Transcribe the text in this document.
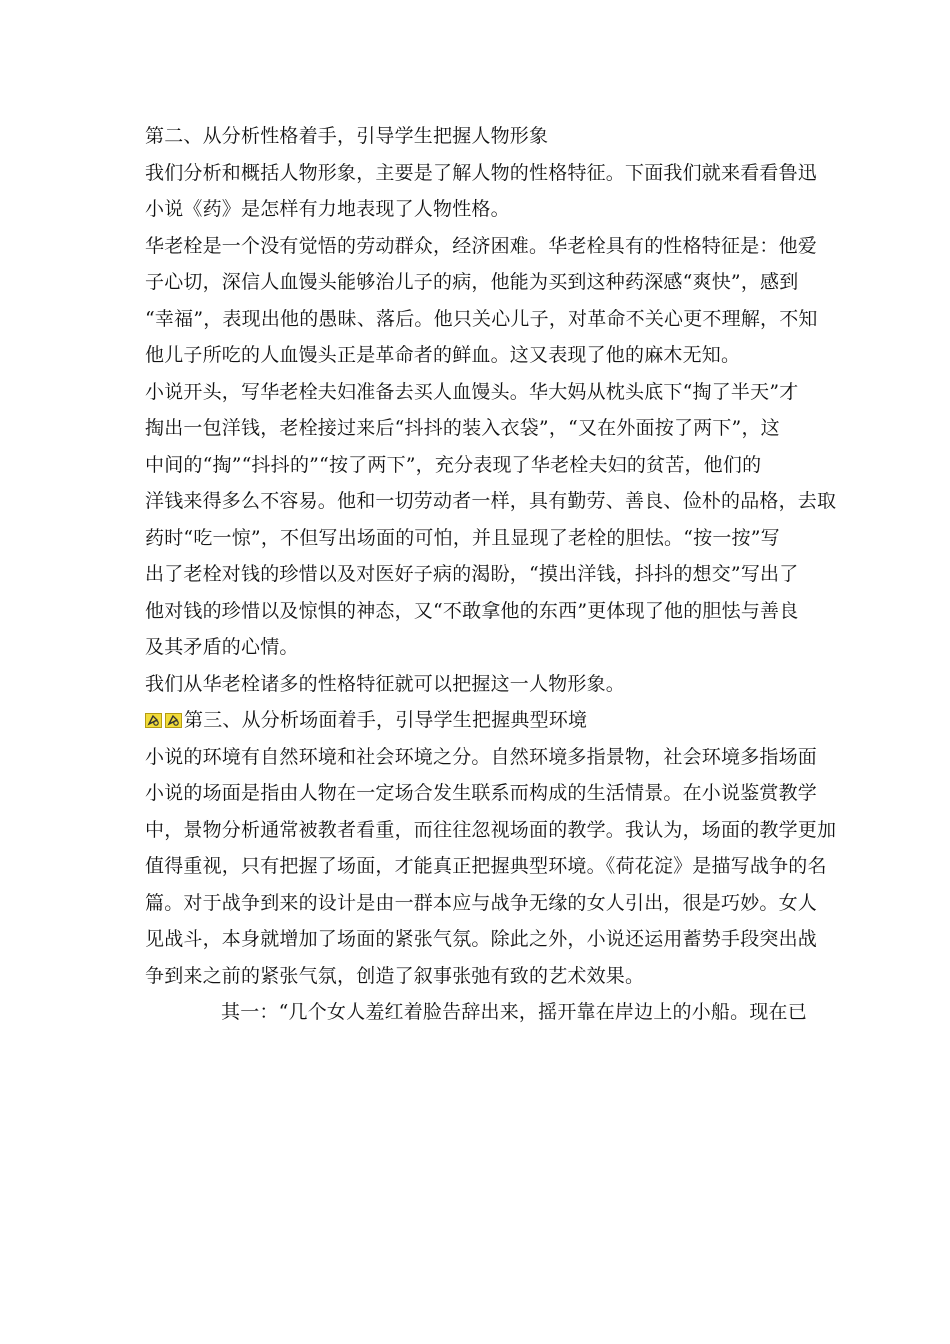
第二、从分析性格着手，引导学生把握人物形象
我们分析和概括人物形象，主要是了解人物的性格特征。下面我们就来看看鲁迅
小说《药》是怎样有力地表现了人物性格。
华老栓是一个没有觉悟的劳动群众，经济困难。华老栓具有的性格特征是：他爱
子心切，深信人血馒头能够治儿子的病，他能为买到这种药深感“爽快”，感到
“幸福”，表现出他的愚昧、落后。他只关心儿子，对革命不关心更不理解，不知
他儿子所吃的人血馒头正是革命者的鲜血。这又表现了他的麻木无知。
小说开头，写华老栓夫妇准备去买人血馒头。华大妈从枕头底下“掏了半天”才
掏出一包洋钱，老栓接过来后“抖抖的装入衣袋”，“又在外面按了两下”，这
中间的“掏”“抖抖的”“按了两下”，充分表现了华老栓夫妇的贫苦，他们的
洋钱来得多么不容易。他和一切劳动者一样，具有勤劳、善良、俭朴的品格，去取
药时“吃一惊”，不但写出场面的可怕，并且显现了老栓的胆怯。“按一按”写
出了老栓对钱的珍惜以及对医好子病的渴盼，“摸出洋钱，抖抖的想交”写出了
他对钱的珍惜以及惊惧的神态，又“不敢拿他的东西”更体现了他的胆怯与善良
及其矛盾的心情。
我们从华老栓诸多的性格特征就可以把握这一人物形象。
第三、从分析场面着手，引导学生把握典型环境
小说的环境有自然环境和社会环境之分。自然环境多指景物，社会环境多指场面
小说的场面是指由人物在一定场合发生联系而构成的生活情景。在小说鉴赏教学
中，景物分析通常被教者看重，而往往忽视场面的教学。我认为，场面的教学更加
值得重视，只有把握了场面，才能真正把握典型环境。《荷花淀》是描写战争的名
篇。对于战争到来的设计是由一群本应与战争无缘的女人引出，很是巧妙。女人
见战斗，本身就增加了场面的紧张气氛。除此之外，小说还运用蓄势手段突出战
争到来之前的紧张气氛，创造了叙事张弛有致的艺术效果。
其一：“几个女人羞红着脸告辞出来，摇开靠在岸边上的小船。现在已
